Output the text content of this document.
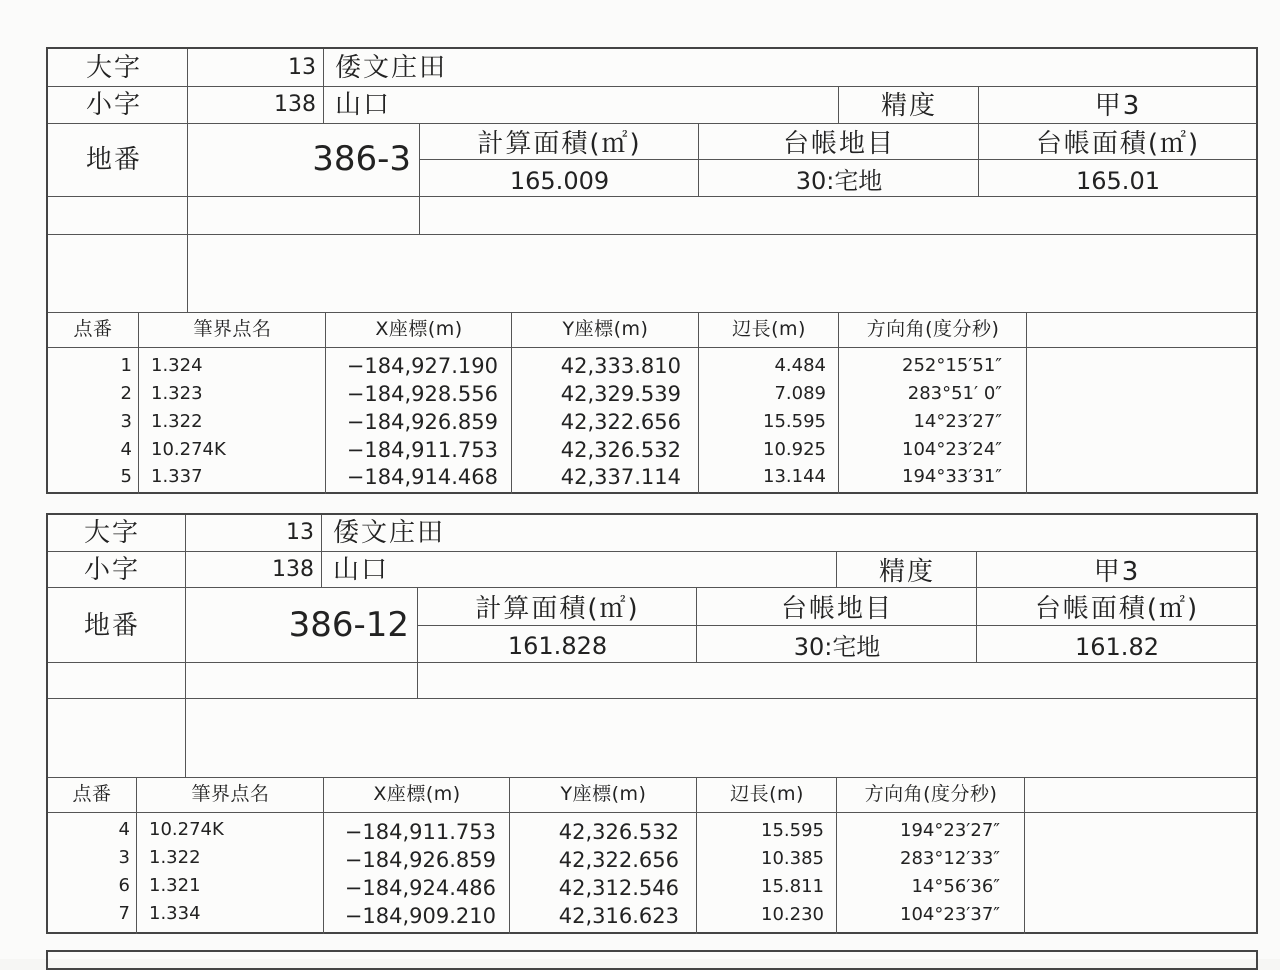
大字	13 倭文庄田
小字	138 山口	精度	甲3
地番	386-3	計算面積(㎡)	台帳地目	台帳面積(㎡)
165.009	30:宅地	165.01
点番	筆界点名	X座標(m)	Y座標(m)	辺長(m)	方向角(度分秒)
1 1.324	−184,927.190	42,333.810	4.484	252°15′51″
2 1.323	−184,928.556	42,329.539	7.089	283°51′ 0″
3 1.322	−184,926.859	42,322.656	15.595	14°23′27″
4 10.274K	−184,911.753	42,326.532	10.925	104°23′24″
5 1.337	−184,914.468	42,337.114	13.144	194°33′31″
大字	13 倭文庄田
小字	138 山口	精度	甲3
地番	386-12	計算面積(㎡)	台帳地目	台帳面積(㎡)
161.828	30:宅地	161.82
点番	筆界点名	X座標(m)	Y座標(m)	辺長(m)	方向角(度分秒)
4 10.274K	−184,911.753	42,326.532	15.595	194°23′27″
3 1.322	−184,926.859	42,322.656	10.385	283°12′33″
6 1.321	−184,924.486	42,312.546	15.811	14°56′36″
7 1.334	−184,909.210	42,316.623	10.230	104°23′37″
